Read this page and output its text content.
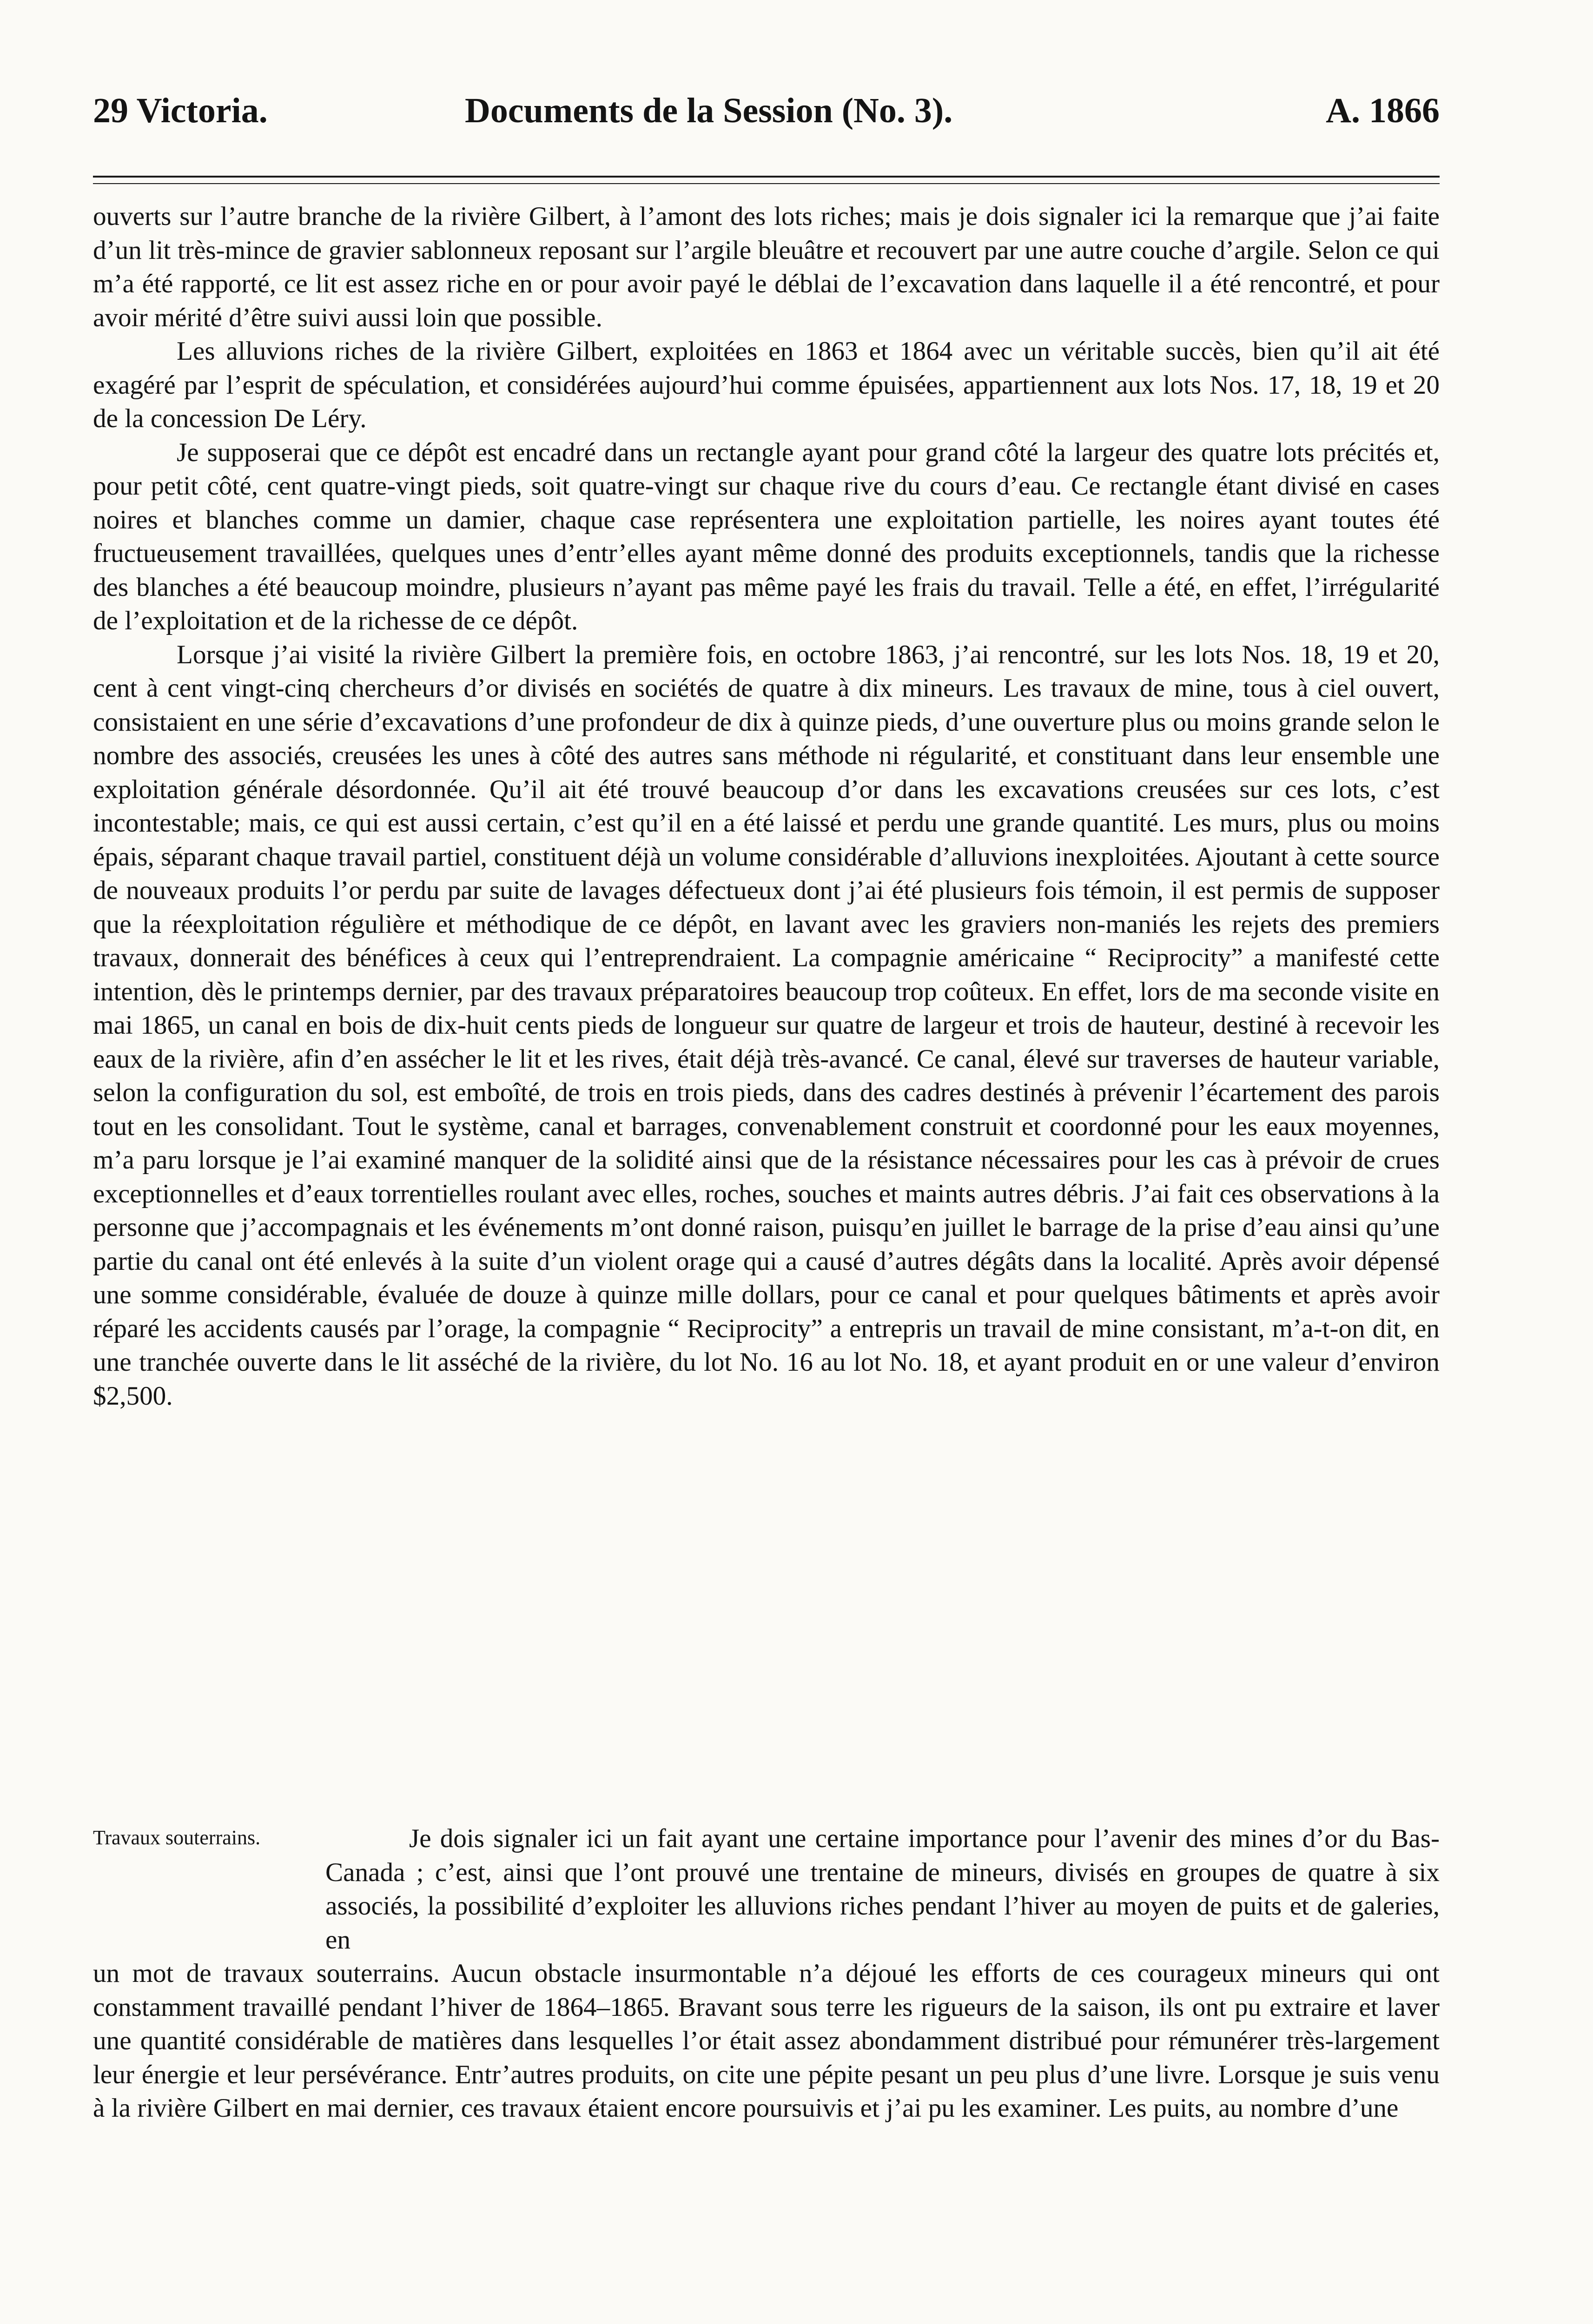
29 Victoria.	Documents de la Session (No. 3).	A. 1866

ouverts sur l’autre branche de la rivière Gilbert, à l’amont des lots riches; mais je dois signaler ici la remarque que j’ai faite d’un lit très-mince de gravier sablonneux reposant sur l’argile bleuâtre et recouvert par une autre couche d’argile. Selon ce qui m’a été rapporté, ce lit est assez riche en or pour avoir payé le déblai de l’excavation dans laquelle il a été rencontré, et pour avoir mérité d’être suivi aussi loin que possible.

Les alluvions riches de la rivière Gilbert, exploitées en 1863 et 1864 avec un véritable succès, bien qu’il ait été exagéré par l’esprit de spéculation, et considérées aujourd’hui comme épuisées, appartiennent aux lots Nos. 17, 18, 19 et 20 de la concession De Léry.

Je supposerai que ce dépôt est encadré dans un rectangle ayant pour grand côté la largeur des quatre lots précités et, pour petit côté, cent quatre-vingt pieds, soit quatre-vingt sur chaque rive du cours d’eau. Ce rectangle étant divisé en cases noires et blanches comme un damier, chaque case représentera une exploitation partielle, les noires ayant toutes été fructueusement travaillées, quelques unes d’entr’elles ayant même donné des produits exceptionnels, tandis que la richesse des blanches a été beaucoup moindre, plusieurs n’ayant pas même payé les frais du travail. Telle a été, en effet, l’irrégularité de l’exploitation et de la richesse de ce dépôt.

Lorsque j’ai visité la rivière Gilbert la première fois, en octobre 1863, j’ai rencontré, sur les lots Nos. 18, 19 et 20, cent à cent vingt-cinq chercheurs d’or divisés en sociétés de quatre à dix mineurs. Les travaux de mine, tous à ciel ouvert, consistaient en une série d’excavations d’une profondeur de dix à quinze pieds, d’une ouverture plus ou moins grande selon le nombre des associés, creusées les unes à côté des autres sans méthode ni régularité, et constituant dans leur ensemble une exploitation générale désordonnée. Qu’il ait été trouvé beaucoup d’or dans les excavations creusées sur ces lots, c’est incontestable; mais, ce qui est aussi certain, c’est qu’il en a été laissé et perdu une grande quantité. Les murs, plus ou moins épais, séparant chaque travail partiel, constituent déjà un volume considérable d’alluvions inexploitées. Ajoutant à cette source de nouveaux produits l’or perdu par suite de lavages défectueux dont j’ai été plusieurs fois témoin, il est permis de supposer que la réexploitation régulière et méthodique de ce dépôt, en lavant avec les graviers non-maniés les rejets des premiers travaux, donnerait des bénéfices à ceux qui l’entreprendraient. La compagnie américaine “ Reciprocity” a manifesté cette intention, dès le printemps dernier, par des travaux préparatoires beaucoup trop coûteux. En effet, lors de ma seconde visite en mai 1865, un canal en bois de dix-huit cents pieds de longueur sur quatre de largeur et trois de hauteur, destiné à recevoir les eaux de la rivière, afin d’en assécher le lit et les rives, était déjà très-avancé. Ce canal, élevé sur traverses de hauteur variable, selon la configuration du sol, est emboîté, de trois en trois pieds, dans des cadres destinés à prévenir l’écartement des parois tout en les consolidant. Tout le système, canal et barrages, convenablement construit et coordonné pour les eaux moyennes, m’a paru lorsque je l’ai examiné manquer de la solidité ainsi que de la résistance nécessaires pour les cas à prévoir de crues exceptionnelles et d’eaux torrentielles roulant avec elles, roches, souches et maints autres débris. J’ai fait ces observations à la personne que j’accompagnais et les événements m’ont donné raison, puisqu’en juillet le barrage de la prise d’eau ainsi qu’une partie du canal ont été enlevés à la suite d’un violent orage qui a causé d’autres dégâts dans la localité. Après avoir dépensé une somme considérable, évaluée de douze à quinze mille dollars, pour ce canal et pour quelques bâtiments et après avoir réparé les accidents causés par l’orage, la compagnie “ Reciprocity” a entrepris un travail de mine consistant, m’a-t-on dit, en une tranchée ouverte dans le lit asséché de la rivière, du lot No. 16 au lot No. 18, et ayant produit en or une valeur d’environ $2,500.

Travaux souterrains.	Je dois signaler ici un fait ayant une certaine importance pour l’avenir des mines d’or du Bas-Canada ; c’est, ainsi que l’ont prouvé une trentaine de mineurs, divisés en groupes de quatre à six associés, la possibilité d’exploiter les alluvions riches pendant l’hiver au moyen de puits et de galeries, en

un mot de travaux souterrains. Aucun obstacle insurmontable n’a déjoué les efforts de ces courageux mineurs qui ont constamment travaillé pendant l’hiver de 1864–1865. Bravant sous terre les rigueurs de la saison, ils ont pu extraire et laver une quantité considérable de matières dans lesquelles l’or était assez abondamment distribué pour rémunérer très-largement leur énergie et leur persévérance. Entr’autres produits, on cite une pépite pesant un peu plus d’une livre. Lorsque je suis venu à la rivière Gilbert en mai dernier, ces travaux étaient encore poursuivis et j’ai pu les examiner. Les puits, au nombre d’une
